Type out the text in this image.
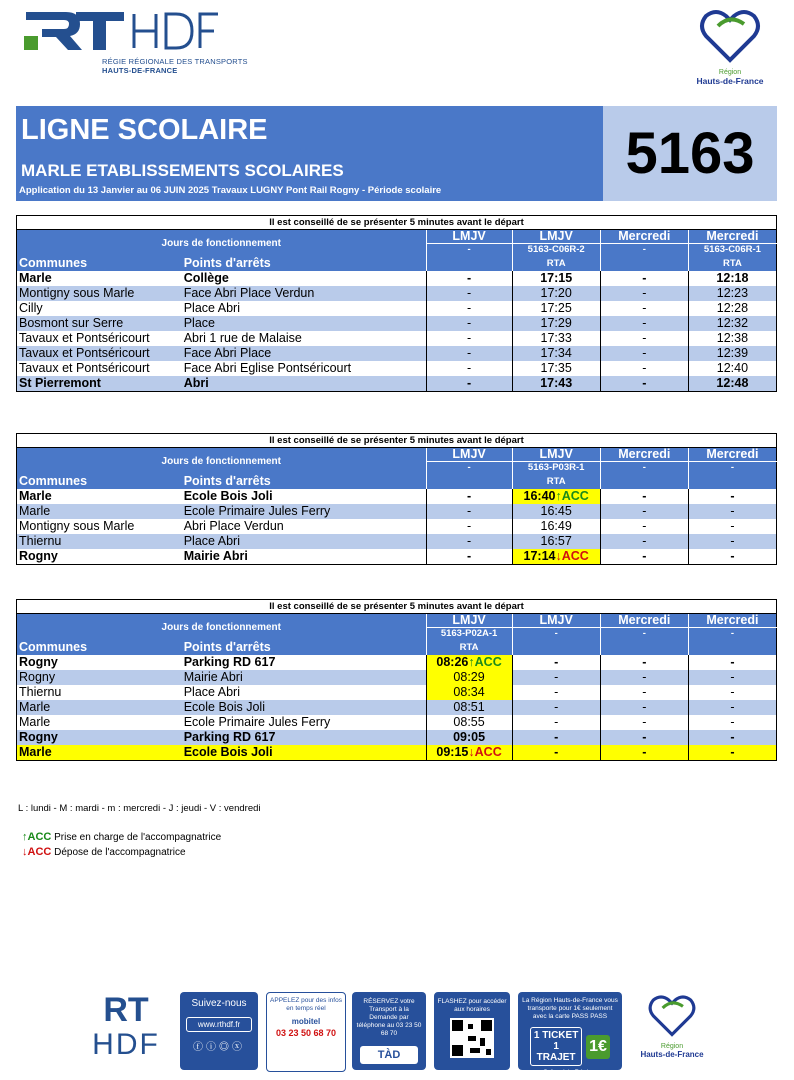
RÉGIE RÉGIONALE DES TRANSPORTS
HAUTS-DE-FRANCE	Région
Hauts-de-France
LIGNE SCOLAIRE
MARLE ETABLISSEMENTS SCOLAIRES
Application du 13 Janvier au 06 JUIN 2025 Travaux LUGNY Pont Rail Rogny - Période scolaire
5163
Il est conseillé de se présenter 5 minutes avant le départ					
Jours de fonctionnement		LMJV	LMJV	Mercredi	Mercredi
		-	5163-C06R-2	-	5163-C06R-1
Communes	Points d'arrêts		RTA		RTA
Marle	Collège	-	17:15	-	12:18
Montigny sous Marle	Face Abri Place Verdun	-	17:20	-	12:23
Cilly	Place Abri	-	17:25	-	12:28
Bosmont sur Serre	Place	-	17:29	-	12:32
Tavaux et Pontséricourt	Abri 1 rue de Malaise	-	17:33	-	12:38
Tavaux et Pontséricourt	Face Abri Place	-	17:34	-	12:39
Tavaux et Pontséricourt	Face Abri Eglise Pontséricourt	-	17:35	-	12:40
St Pierremont	Abri	-	17:43	-	12:48
Il est conseillé de se présenter 5 minutes avant le départ					
Jours de fonctionnement		LMJV	LMJV	Mercredi	Mercredi
		-	5163-P03R-1	-	-
Communes	Points d'arrêts		RTA		
Marle	Ecole Bois Joli	-	16:40↑ACC	-	-
Marle	Ecole Primaire Jules Ferry	-	16:45	-	-
Montigny sous Marle	Abri Place Verdun	-	16:49	-	-
Thiernu	Place Abri	-	16:57	-	-
Rogny	Mairie Abri	-	17:14↓ACC	-	-
Il est conseillé de se présenter 5 minutes avant le départ					
Jours de fonctionnement		LMJV	LMJV	Mercredi	Mercredi
		5163-P02A-1	-	-	-
Communes	Points d'arrêts	RTA			
Rogny	Parking RD 617	08:26↑ACC	-	-	-
Rogny	Mairie Abri	08:29	-	-	-
Thiernu	Place Abri	08:34	-	-	-
Marle	Ecole Bois Joli	08:51	-	-	-
Marle	Ecole Primaire Jules Ferry	08:55	-	-	-
Rogny	Parking RD 617	09:05	-	-	-
Marle	Ecole Bois Joli	09:15↓ACC	-	-	-
L : lundi - M : mardi - m : mercredi - J : jeudi - V : vendredi
↑ACC Prise en charge de l'accompagnatrice
↓ACC Dépose de l'accompagnatrice
RT
HDF
Suivez-nous
www.rthdf.fr
ⓕⓘ◎ⓧ
APPELEZ pour des infos en temps réel
mobitel
03 23 50 68 70
RÉSERVEZ votre Transport à la Demande par téléphone au 03 23 50 68 70
TÀD
FLASHEZ pour accéder aux horaires
La Région Hauts-de-France vous transporte pour 1€ seulement avec la carte PASS PASS
1 TICKET 1 TRAJET
1€
Grâce à la Région,
Région
Hauts-de-France
